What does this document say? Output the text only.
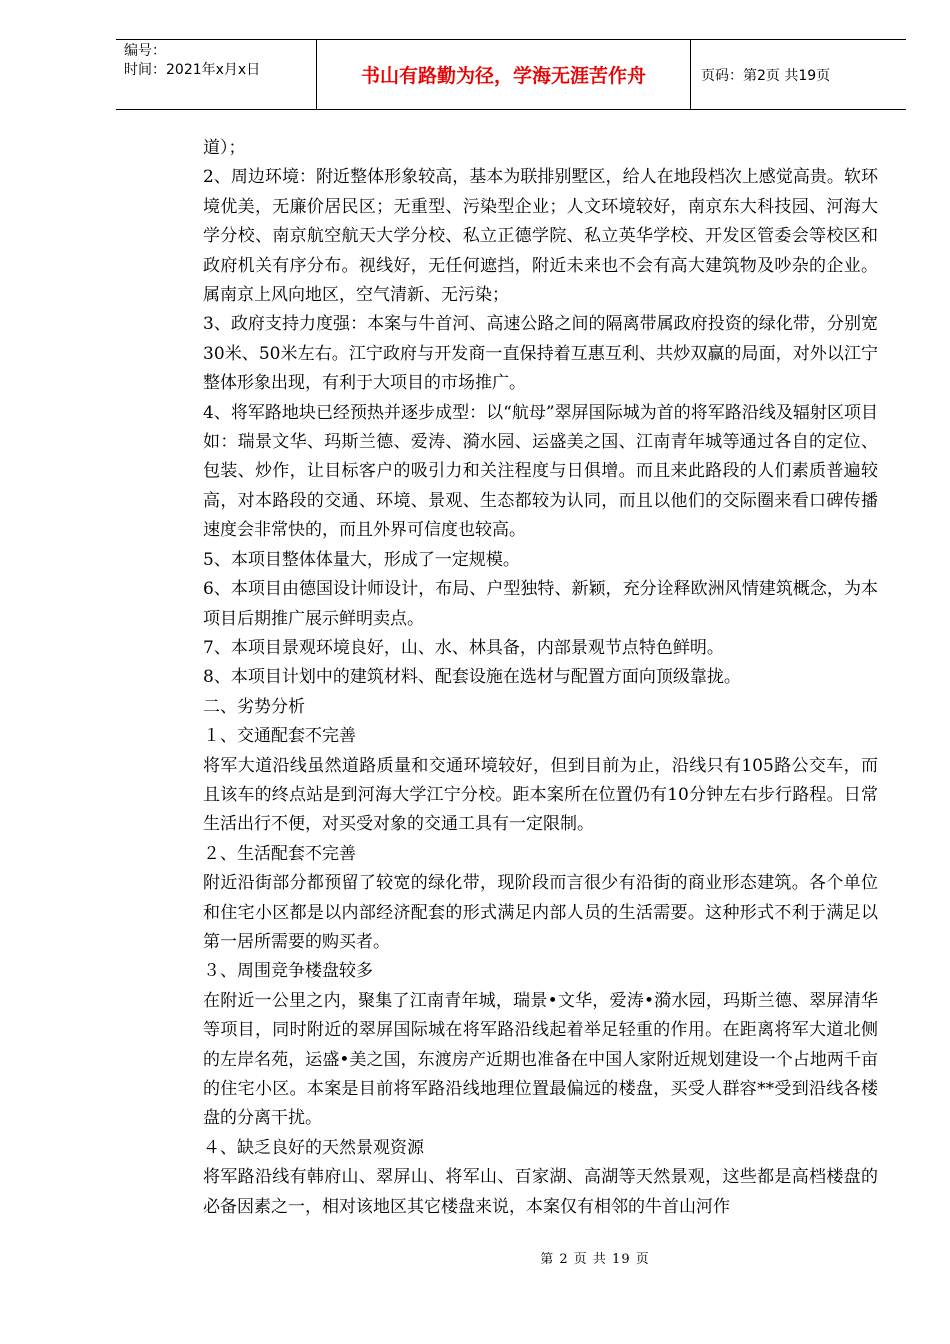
编号：
时间：2021年x月x日	书山有路勤为径，学海无涯苦作舟	页码：第2页 共19页

道）；

2、周边环境：附近整体形象较高，基本为联排别墅区，给人在地段档次上感觉高贵。软环境优美，无廉价居民区；无重型、污染型企业；人文环境较好，南京东大科技园、河海大学分校、南京航空航天大学分校、私立正德学院、私立英华学校、开发区管委会等校区和政府机关有序分布。视线好，无任何遮挡，附近未来也不会有高大建筑物及吵杂的企业。属南京上风向地区，空气清新、无污染；

3、政府支持力度强：本案与牛首河、高速公路之间的隔离带属政府投资的绿化带，分别宽30米、50米左右。江宁政府与开发商一直保持着互惠互利、共炒双赢的局面，对外以江宁整体形象出现，有利于大项目的市场推广。

4、将军路地块已经预热并逐步成型：以“航母”翠屏国际城为首的将军路沿线及辐射区项目如：瑞景文华、玛斯兰德、爱涛、漪水园、运盛美之国、江南青年城等通过各自的定位、包装、炒作，让目标客户的吸引力和关注程度与日俱增。而且来此路段的人们素质普遍较高，对本路段的交通、环境、景观、生态都较为认同，而且以他们的交际圈来看口碑传播速度会非常快的，而且外界可信度也较高。

5、本项目整体体量大，形成了一定规模。

6、本项目由德国设计师设计，布局、户型独特、新颖，充分诠释欧洲风情建筑概念，为本项目后期推广展示鲜明卖点。

7、本项目景观环境良好，山、水、林具备，内部景观节点特色鲜明。

8、本项目计划中的建筑材料、配套设施在选材与配置方面向顶级靠拢。

二、劣势分析

１、交通配套不完善

将军大道沿线虽然道路质量和交通环境较好，但到目前为止，沿线只有105路公交车，而且该车的终点站是到河海大学江宁分校。距本案所在位置仍有10分钟左右步行路程。日常生活出行不便，对买受对象的交通工具有一定限制。

２、生活配套不完善

附近沿街部分都预留了较宽的绿化带，现阶段而言很少有沿街的商业形态建筑。各个单位和住宅小区都是以内部经济配套的形式满足内部人员的生活需要。这种形式不利于满足以第一居所需要的购买者。

３、周围竞争楼盘较多

在附近一公里之内，聚集了江南青年城，瑞景•文华，爱涛•漪水园，玛斯兰德、翠屏清华等项目，同时附近的翠屏国际城在将军路沿线起着举足轻重的作用。在距离将军大道北侧的左岸名苑，运盛•美之国，东渡房产近期也准备在中国人家附近规划建设一个占地两千亩的住宅小区。本案是目前将军路沿线地理位置最偏远的楼盘，买受人群容**受到沿线各楼盘的分离干扰。

４、缺乏良好的天然景观资源

将军路沿线有韩府山、翠屏山、将军山、百家湖、高湖等天然景观，这些都是高档楼盘的必备因素之一，相对该地区其它楼盘来说，本案仅有相邻的牛首山河作

第 2 页 共 19 页
